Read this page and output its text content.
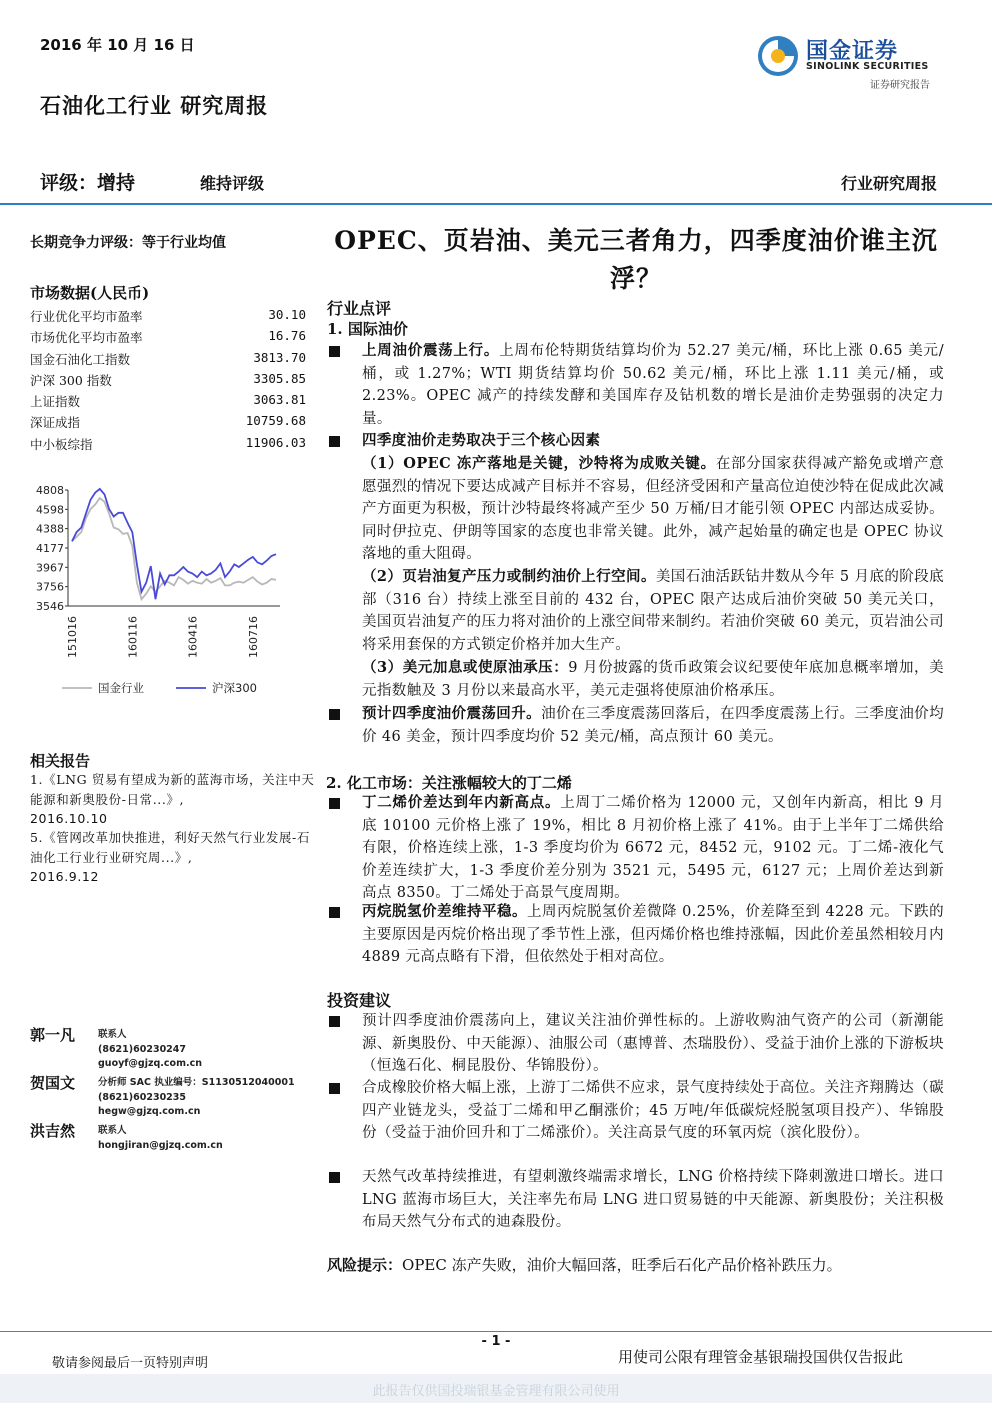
2016 年 10 月 16 日	国金证券
SINOLINK SECURITIES
证券研究报告
石油化工行业 研究周报
评级：增持	维持评级	行业研究周报
长期竞争力评级：等于行业均值
市场数据(人民币)
行业优化平均市盈率	30.10
市场优化平均市盈率	16.76
国金石油化工指数	3813.70
沪深 300 指数	3305.85
上证指数	3063.81
深证成指	10759.68
中小板综指	11906.03
4808
4598
4388
4177
3967
3756
3546
151016	160116	160416	160716
国金行业	沪深300
相关报告
1.《LNG 贸易有望成为新的蓝海市场，关注中天能源和新奥股份-日常...》,
2016.10.10
5.《管网改革加快推进，利好天然气行业发展-石油化工行业行业研究周...》,
2016.9.12
郭一凡 联系人
(8621)60230247
guoyf@gjzq.com.cn
贺国文 分析师 SAC 执业编号：S1130512040001
(8621)60230235
hegw@gjzq.com.cn
洪吉然 联系人
hongjiran@gjzq.com.cn
OPEC、页岩油、美元三者角力，四季度油价谁主沉浮？
行业点评
1. 国际油价
上周油价震荡上行。上周布伦特期货结算均价为 52.27 美元/桶，环比上涨 0.65 美元/桶，或 1.27%；WTI 期货结算均价 50.62 美元/桶，环比上涨 1.11 美元/桶，或 2.23%。OPEC 减产的持续发酵和美国库存及钻机数的增长是油价走势强弱的决定力量。
四季度油价走势取决于三个核心因素
（1）OPEC 冻产落地是关键，沙特将为成败关键。在部分国家获得减产豁免或增产意愿强烈的情况下要达成减产目标并不容易，但经济受困和产量高位迫使沙特在促成此次减产方面更为积极，预计沙特最终将减产至少 50 万桶/日才能引领 OPEC 内部达成妥协。同时伊拉克、伊朗等国家的态度也非常关键。此外，减产起始量的确定也是 OPEC 协议落地的重大阻碍。
（2）页岩油复产压力或制约油价上行空间。美国石油活跃钻井数从今年 5 月底的阶段底部（316 台）持续上涨至目前的 432 台，OPEC 限产达成后油价突破 50 美元关口，美国页岩油复产的压力将对油价的上涨空间带来制约。若油价突破 60 美元，页岩油公司将采用套保的方式锁定价格并加大生产。
（3）美元加息或使原油承压：9 月份披露的货币政策会议纪要使年底加息概率增加，美元指数触及 3 月份以来最高水平，美元走强将使原油价格承压。
预计四季度油价震荡回升。油价在三季度震荡回落后，在四季度震荡上行。三季度油价均价 46 美金，预计四季度均价 52 美元/桶，高点预计 60 美元。
2. 化工市场：关注涨幅较大的丁二烯
丁二烯价差达到年内新高点。上周丁二烯价格为 12000 元，又创年内新高，相比 9 月底 10100 元价格上涨了 19%，相比 8 月初价格上涨了 41%。由于上半年丁二烯供给有限，价格连续上涨，1-3 季度均价为 6672 元，8452 元，9102 元。丁二烯-液化气价差连续扩大，1-3 季度价差分别为 3521 元，5495 元，6127 元；上周价差达到新高点 8350。丁二烯处于高景气度周期。
丙烷脱氢价差维持平稳。上周丙烷脱氢价差微降 0.25%，价差降至到 4228 元。下跌的主要原因是丙烷价格出现了季节性上涨，但丙烯价格也维持涨幅，因此价差虽然相较月内 4889 元高点略有下滑，但依然处于相对高位。
投资建议
预计四季度油价震荡向上，建议关注油价弹性标的。上游收购油气资产的公司（新潮能源、新奥股份、中天能源）、油服公司（惠博普、杰瑞股份）、受益于油价上涨的下游板块（恒逸石化、桐昆股份、华锦股份）。
合成橡胶价格大幅上涨，上游丁二烯供不应求，景气度持续处于高位。关注齐翔腾达（碳四产业链龙头，受益丁二烯和甲乙酮涨价；45 万吨/年低碳烷烃脱氢项目投产）、华锦股份（受益于油价回升和丁二烯涨价）。关注高景气度的环氧丙烷（滨化股份）。
天然气改革持续推进，有望刺激终端需求增长，LNG 价格持续下降刺激进口增长。进口 LNG 蓝海市场巨大，关注率先布局 LNG 进口贸易链的中天能源、新奥股份；关注积极布局天然气分布式的迪森股份。
风险提示：OPEC 冻产失败，油价大幅回落，旺季后石化产品价格补跌压力。
- 1 -
敬请参阅最后一页特别声明	用使司公限有理管金基银瑞投国供仅告报此
此报告仅供国投瑞银基金管理有限公司使用
